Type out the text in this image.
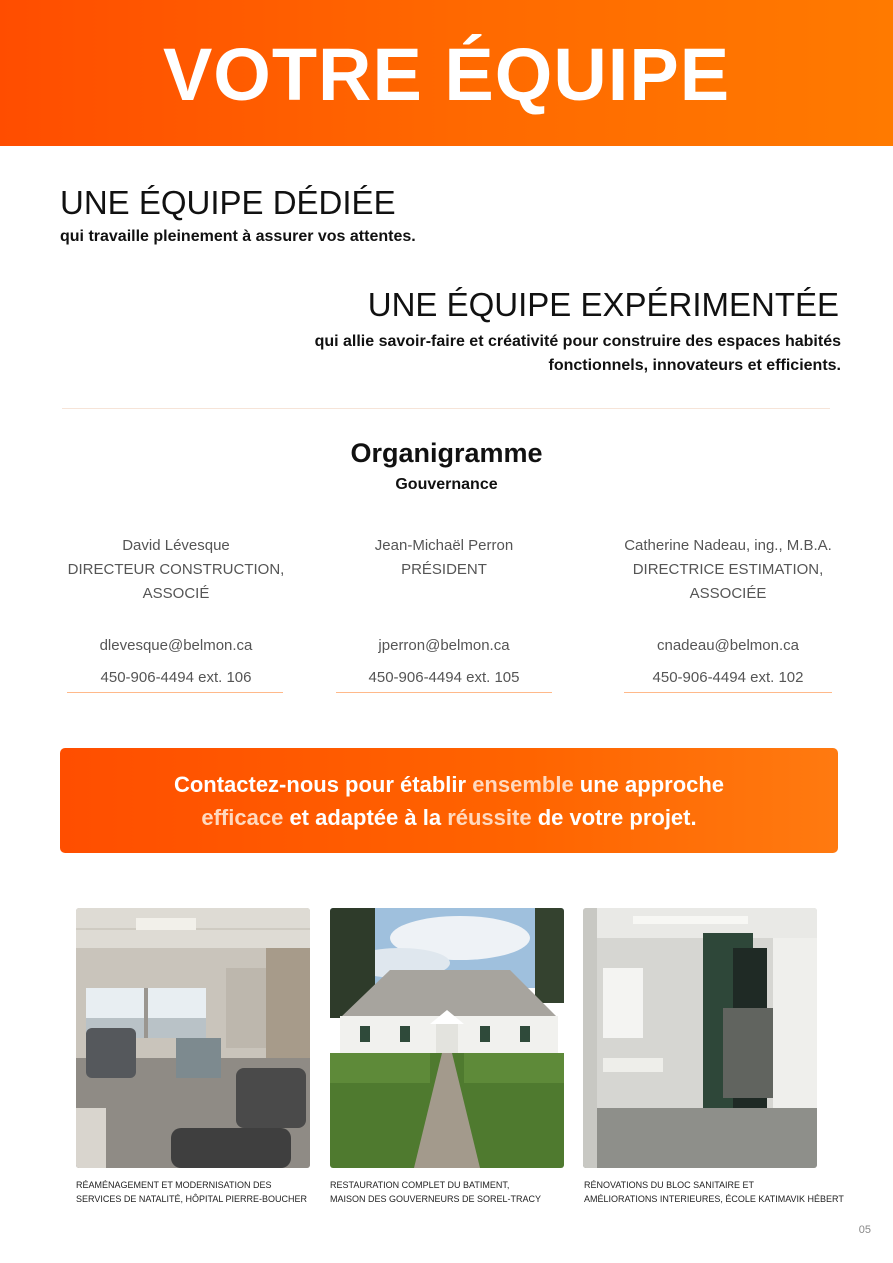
VOTRE ÉQUIPE
UNE ÉQUIPE DÉDIÉE
qui travaille pleinement à assurer vos attentes.
UNE ÉQUIPE EXPÉRIMENTÉE
qui allie savoir-faire et créativité pour construire des espaces habités
fonctionnels, innovateurs et efficients.
Organigramme
Gouvernance
David Lévesque
DIRECTEUR CONSTRUCTION,
ASSOCIÉ
dlevesque@belmon.ca
450-906-4494 ext. 106
Jean-Michaël Perron
PRÉSIDENT
jperron@belmon.ca
450-906-4494 ext. 105
Catherine Nadeau, ing., M.B.A.
DIRECTRICE ESTIMATION,
ASSOCIÉE
cnadeau@belmon.ca
450-906-4494 ext. 102
Contactez-nous pour établir ensemble une approche
efficace et adaptée à la réussite de votre projet.
RÉAMÉNAGEMENT ET MODERNISATION DES
SERVICES DE NATALITÉ, HÔPITAL PIERRE-BOUCHER
RESTAURATION COMPLET DU BATIMENT,
MAISON DES GOUVERNEURS DE SOREL-TRACY
RÉNOVATIONS DU BLOC SANITAIRE ET
AMÉLIORATIONS INTERIEURES, ÉCOLE KATIMAVIK HÉBERT
05
